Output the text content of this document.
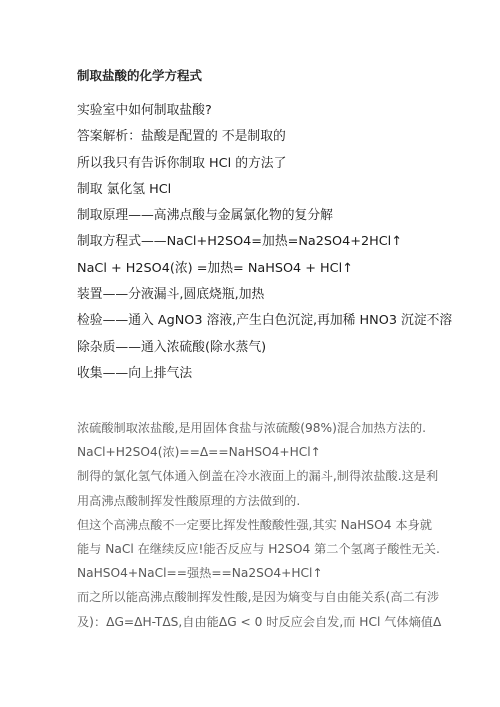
制取盐酸的化学方程式
实验室中如何制取盐酸?
答案解析：盐酸是配置的 不是制取的
所以我只有告诉你制取 HCl 的方法了
制取 氯化氢 HCl
制取原理——高沸点酸与金属氯化物的复分解
制取方程式——NaCl+H2SO4=加热=Na2SO4+2HCl↑
NaCl + H2SO4(浓) =加热= NaHSO4 + HCl↑
装置——分液漏斗,圆底烧瓶,加热
检验——通入 AgNO3 溶液,产生白色沉淀,再加稀 HNO3 沉淀不溶
除杂质——通入浓硫酸(除水蒸气)
收集——向上排气法
浓硫酸制取浓盐酸,是用固体食盐与浓硫酸(98%)混合加热方法的.
NaCl+H2SO4(浓)==Δ==NaHSO4+HCl↑
制得的氯化氢气体通入倒盖在冷水液面上的漏斗,制得浓盐酸.这是利
用高沸点酸制挥发性酸原理的方法做到的.
但这个高沸点酸不一定要比挥发性酸酸性强,其实 NaHSO4 本身就
能与 NaCl 在继续反应!能否反应与 H2SO4 第二个氢离子酸性无关.
NaHSO4+NaCl==强热==Na2SO4+HCl↑
而之所以能高沸点酸制挥发性酸,是因为熵变与自由能关系(高二有涉
及)：ΔG=ΔH-TΔS,自由能ΔG < 0 时反应会自发,而 HCl 气体熵值Δ
